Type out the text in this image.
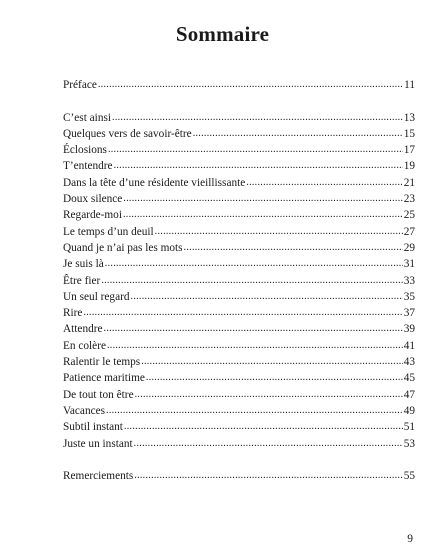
Sommaire
Préface .....	11
C’est ainsi .....	13
Quelques vers de savoir-être .....	15
Éclosions .....	17
T’entendre .....	19
Dans la tête d’une résidente vieillissante .....	21
Doux silence .....	23
Regarde-moi .....	25
Le temps d’un deuil .....	27
Quand je n’ai pas les mots .....	29
Je suis là .....	31
Être fier .....	33
Un seul regard .....	35
Rire .....	37
Attendre .....	39
En colère .....	41
Ralentir le temps .....	43
Patience maritime .....	45
De tout ton être .....	47
Vacances .....	49
Subtil instant .....	51
Juste un instant .....	53
Remerciements .....	55
9
